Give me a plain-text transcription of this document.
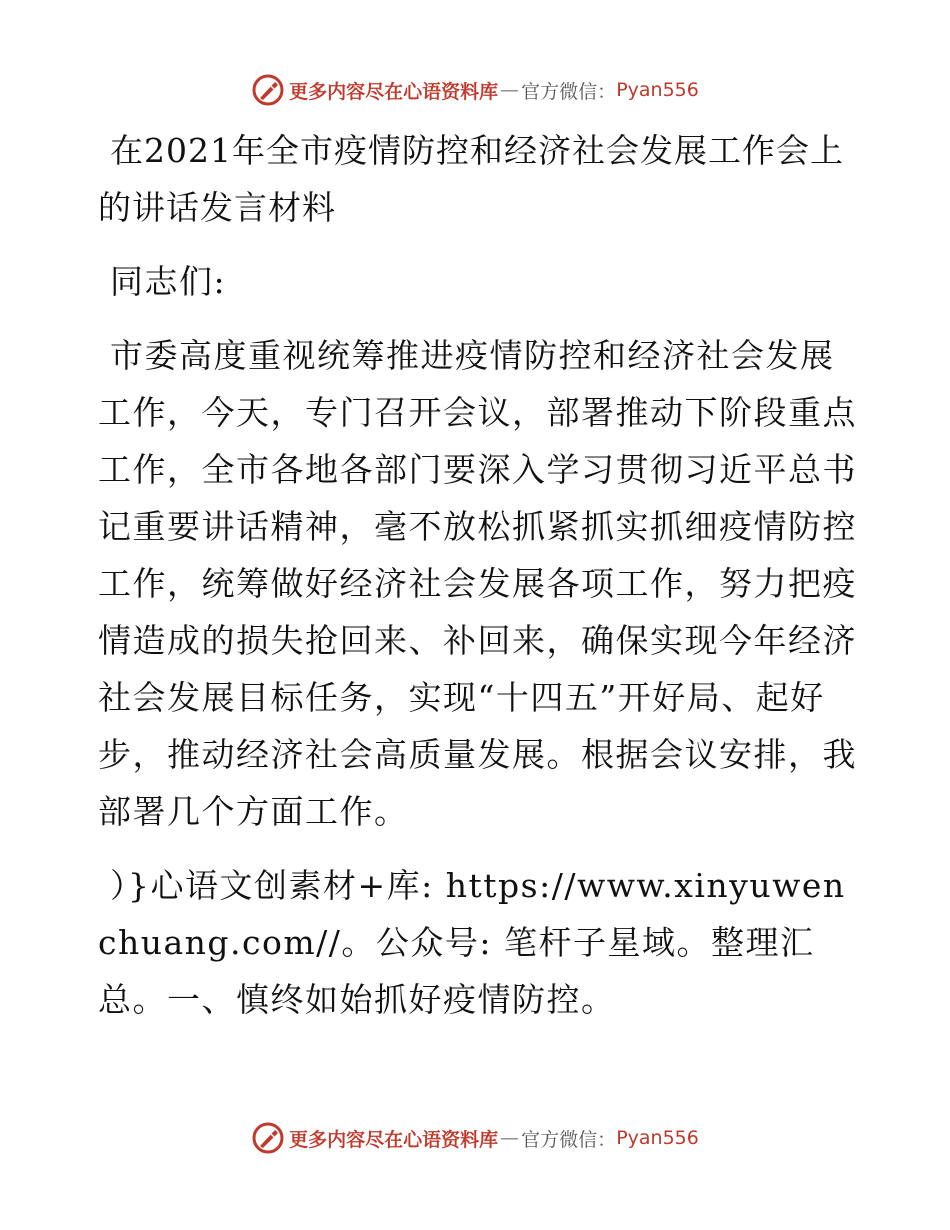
更多内容尽在心语资料库 — 官方微信： Pyan556
在2021年全市疫情防控和经济社会发展工作会上的讲话发言材料

同志们:

市委高度重视统筹推进疫情防控和经济社会发展工作，今天，专门召开会议，部署推动下阶段重点工作，全市各地各部门要深入学习贯彻习近平总书记重要讲话精神，毫不放松抓紧抓实抓细疫情防控工作，统筹做好经济社会发展各项工作，努力把疫情造成的损失抢回来、补回来，确保实现今年经济社会发展目标任务，实现“十四五”开好局、起好步，推动经济社会高质量发展。根据会议安排，我部署几个方面工作。

）}心语文创素材+库: https://www.xinyuwenchuang.com//。公众号: 笔杆子星域。整理汇总。一、慎终如始抓好疫情防控。

更多内容尽在心语资料库 — 官方微信： Pyan556
